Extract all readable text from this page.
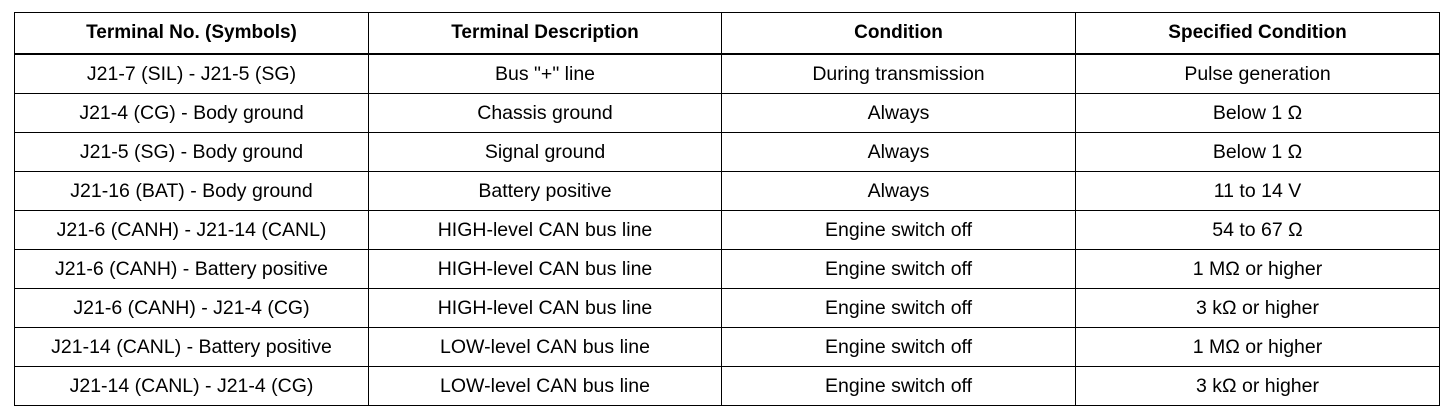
Terminal No. (Symbols)	Terminal Description	Condition	Specified Condition
J21-7 (SIL) - J21-5 (SG)	Bus "+" line	During transmission	Pulse generation
J21-4 (CG) - Body ground	Chassis ground	Always	Below 1 Ω
J21-5 (SG) - Body ground	Signal ground	Always	Below 1 Ω
J21-16 (BAT) - Body ground	Battery positive	Always	11 to 14 V
J21-6 (CANH) - J21-14 (CANL)	HIGH-level CAN bus line	Engine switch off	54 to 67 Ω
J21-6 (CANH) - Battery positive	HIGH-level CAN bus line	Engine switch off	1 MΩ or higher
J21-6 (CANH) - J21-4 (CG)	HIGH-level CAN bus line	Engine switch off	3 kΩ or higher
J21-14 (CANL) - Battery positive	LOW-level CAN bus line	Engine switch off	1 MΩ or higher
J21-14 (CANL) - J21-4 (CG)	LOW-level CAN bus line	Engine switch off	3 kΩ or higher
